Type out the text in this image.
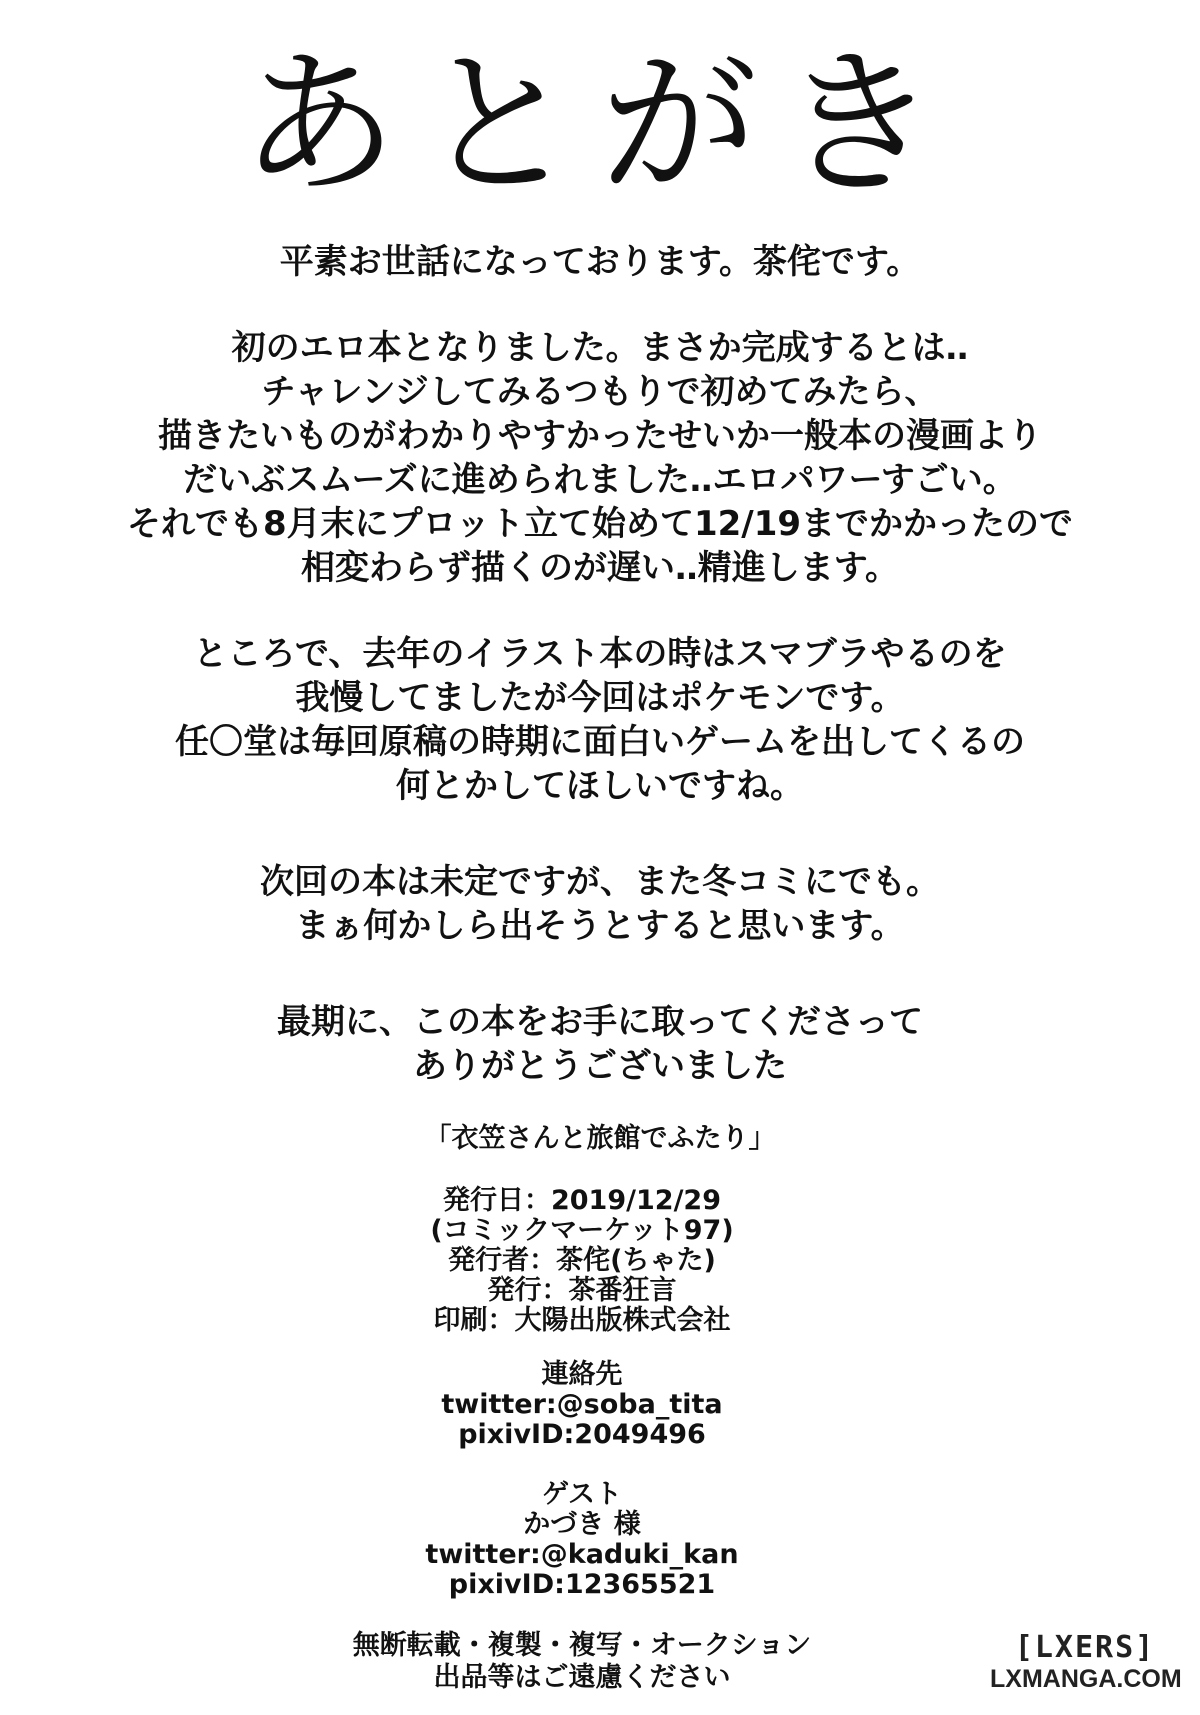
あとがき
平素お世話になっております。茶侘です。
初のエロ本となりました。まさか完成するとは‥
チャレンジしてみるつもりで初めてみたら、
描きたいものがわかりやすかったせいか一般本の漫画より
だいぶスムーズに進められました‥エロパワーすごい。
それでも8月末にプロット立て始めて12/19までかかったので
相変わらず描くのが遅い‥精進します。
ところで、去年のイラスト本の時はスマブラやるのを
我慢してましたが今回はポケモンです。
任〇堂は毎回原稿の時期に面白いゲームを出してくるの
何とかしてほしいですね。
次回の本は未定ですが、また冬コミにでも。
まぁ何かしら出そうとすると思います。
最期に、この本をお手に取ってくださって
ありがとうございました
「衣笠さんと旅館でふたり」
発行日：2019/12/29
(コミックマーケット97)
発行者：茶侘(ちゃた)
発行：茶番狂言
印刷：大陽出版株式会社
連絡先
twitter:@soba_tita
pixivID:2049496
ゲスト
かづき 様
twitter:@kaduki_kan
pixivID:12365521
無断転載・複製・複写・オークション
出品等はご遠慮ください
[LXERS]
LXMANGA.COM
